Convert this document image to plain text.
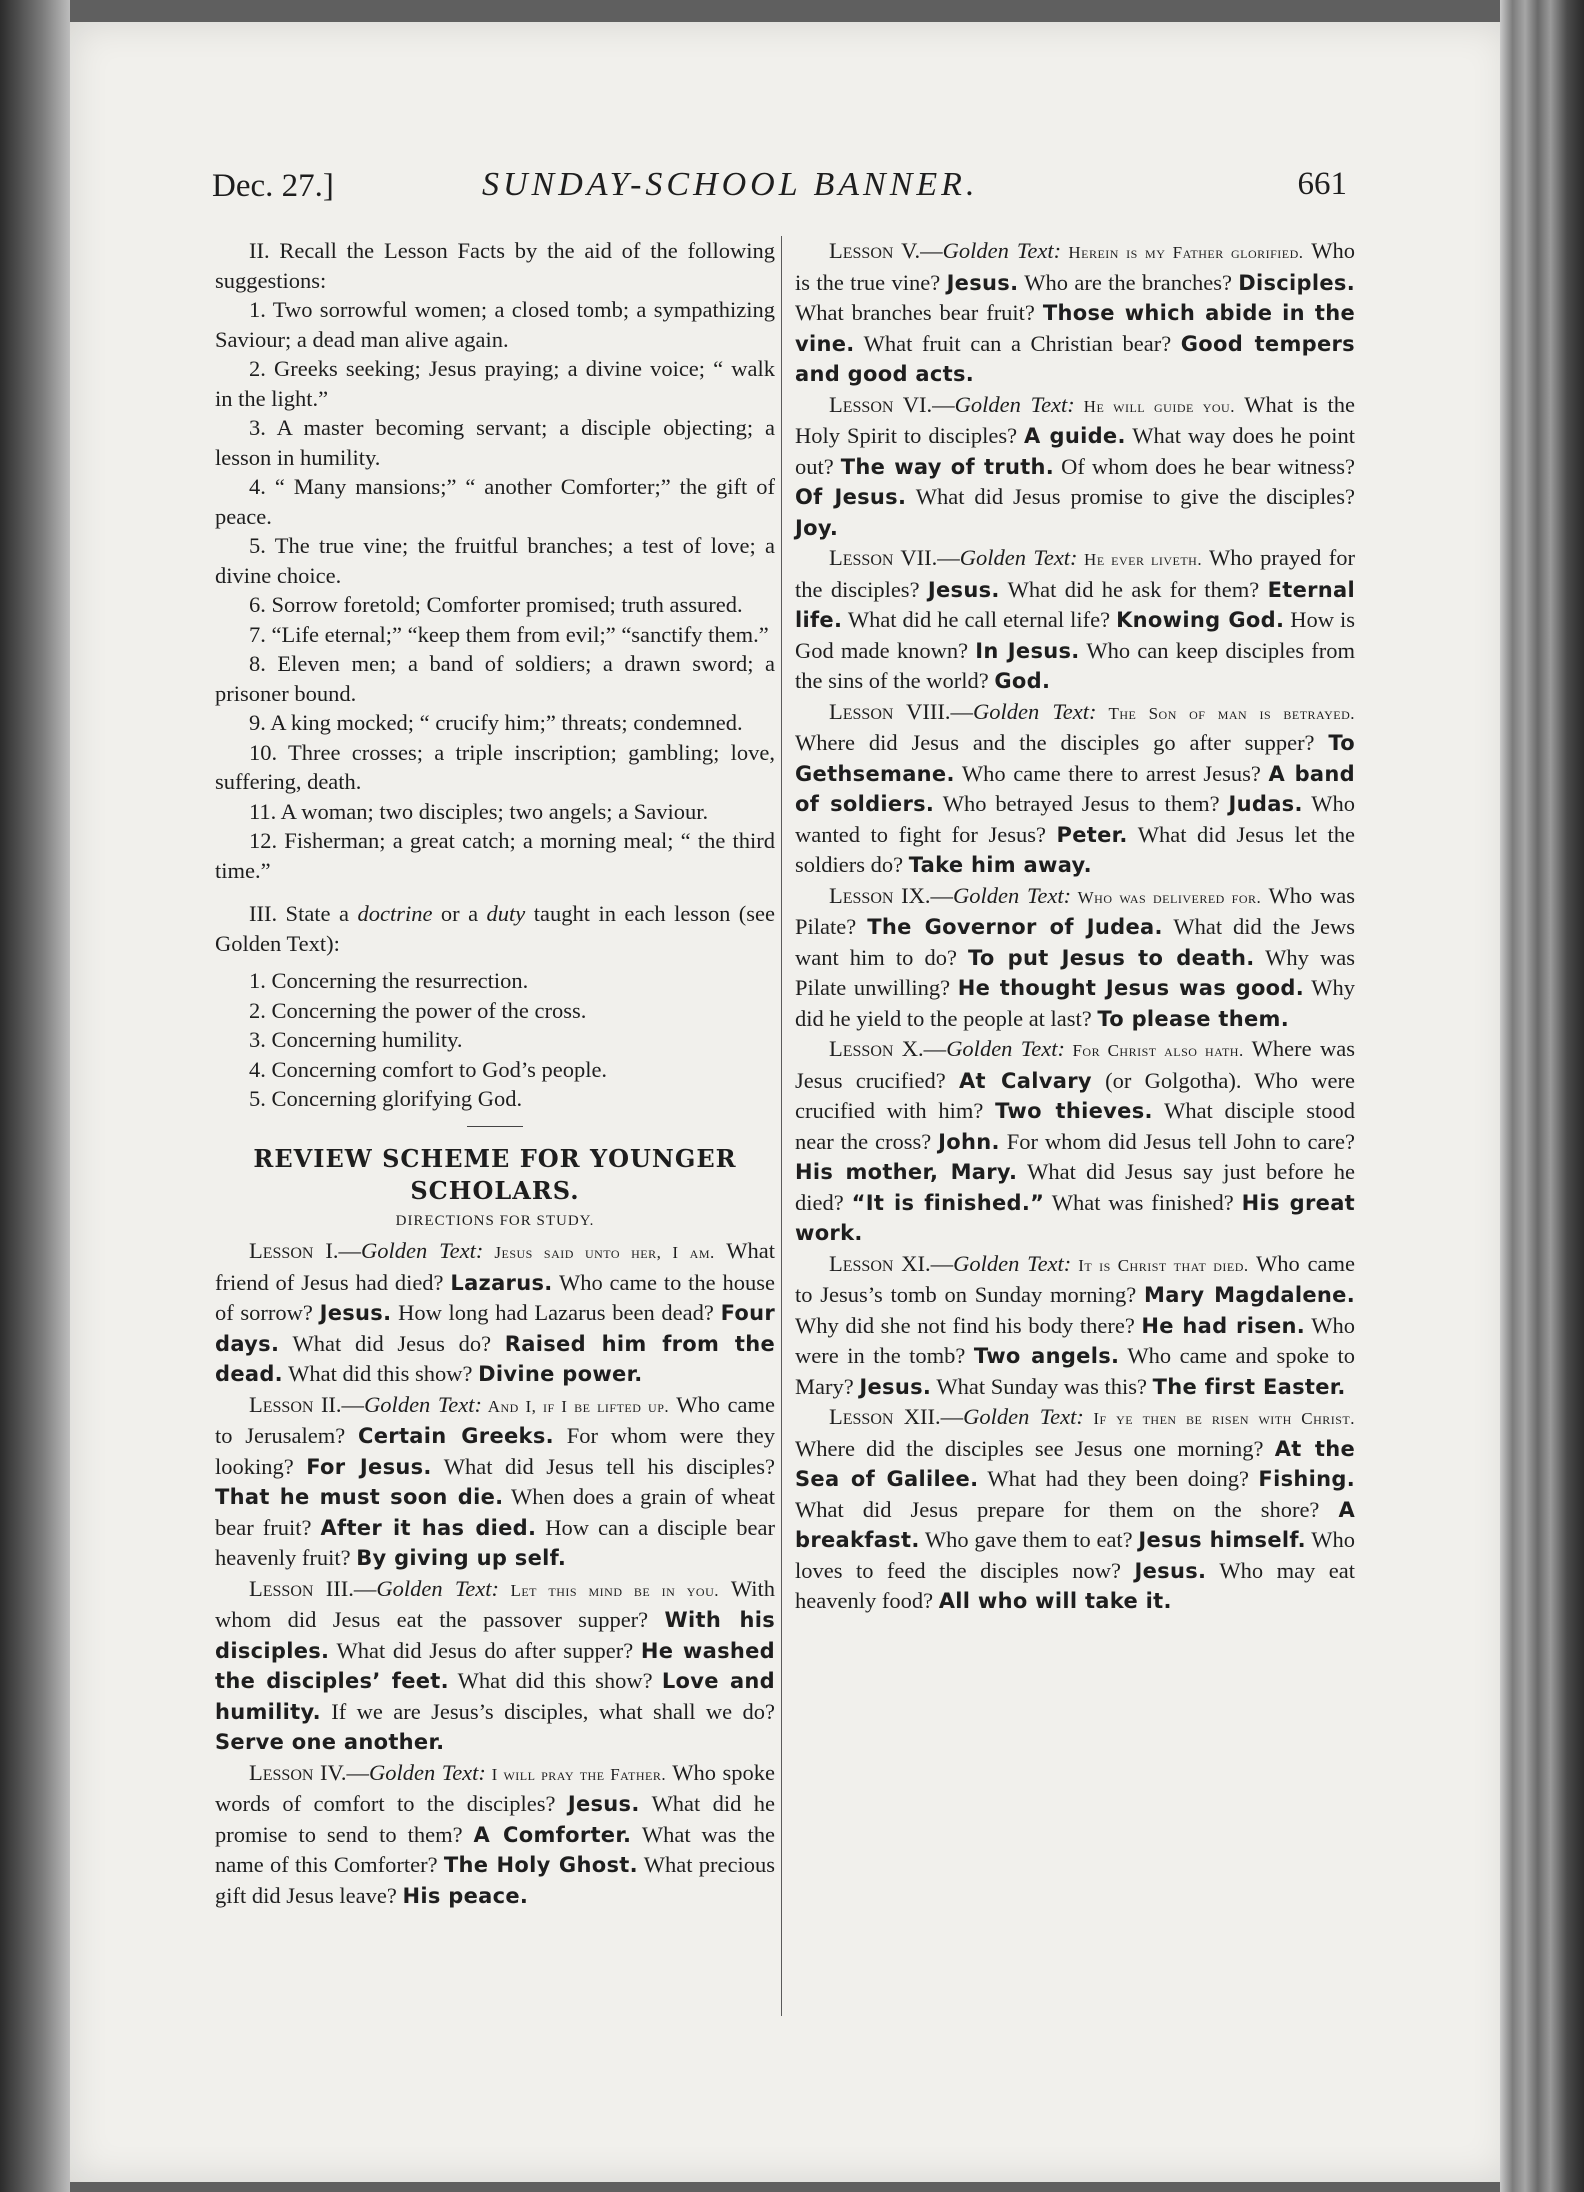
Dec. 27.]	SUNDAY-SCHOOL BANNER.	661

II. Recall the Lesson Facts by the aid of the following suggestions:

1. Two sorrowful women; a closed tomb; a sympathizing Saviour; a dead man alive again.

2. Greeks seeking; Jesus praying; a divine voice; “ walk in the light.”

3. A master becoming servant; a disciple objecting; a lesson in humility.

4. “ Many mansions;” “ another Comforter;” the gift of peace.

5. The true vine; the fruitful branches; a test of love; a divine choice.

6. Sorrow foretold; Comforter promised; truth assured.

7. “Life eternal;” “keep them from evil;” “sanctify them.”

8. Eleven men; a band of soldiers; a drawn sword; a prisoner bound.

9. A king mocked; “ crucify him;” threats; condemned.

10. Three crosses; a triple inscription; gambling; love, suffering, death.

11. A woman; two disciples; two angels; a Saviour.

12. Fisherman; a great catch; a morning meal; “ the third time.”

III. State a doctrine or a duty taught in each lesson (see Golden Text):

1. Concerning the resurrection.

2. Concerning the power of the cross.

3. Concerning humility.

4. Concerning comfort to God’s people.

5. Concerning glorifying God.

REVIEW SCHEME FOR YOUNGER SCHOLARS.

DIRECTIONS FOR STUDY.

Lesson I.—Golden Text: Jesus said unto her, I am. What friend of Jesus had died? Lazarus. Who came to the house of sorrow? Jesus. How long had Lazarus been dead? Four days. What did Jesus do? Raised him from the dead. What did this show? Divine power.

Lesson II.—Golden Text: And I, if I be lifted up. Who came to Jerusalem? Certain Greeks. For whom were they looking? For Jesus. What did Jesus tell his disciples? That he must soon die. When does a grain of wheat bear fruit? After it has died. How can a disciple bear heavenly fruit? By giving up self.

Lesson III.—Golden Text: Let this mind be in you. With whom did Jesus eat the passover supper? With his disciples. What did Jesus do after supper? He washed the disciples’ feet. What did this show? Love and humility. If we are Jesus’s disciples, what shall we do? Serve one another.

Lesson IV.—Golden Text: I will pray the Father. Who spoke words of comfort to the disciples? Jesus. What did he promise to send to them? A Comforter. What was the name of this Comforter? The Holy Ghost. What precious gift did Jesus leave? His peace.

Lesson V.—Golden Text: Herein is my Father glorified. Who is the true vine? Jesus. Who are the branches? Disciples. What branches bear fruit? Those which abide in the vine. What fruit can a Christian bear? Good tempers and good acts.

Lesson VI.—Golden Text: He will guide you. What is the Holy Spirit to disciples? A guide. What way does he point out? The way of truth. Of whom does he bear witness? Of Jesus. What did Jesus promise to give the disciples? Joy.

Lesson VII.—Golden Text: He ever liveth. Who prayed for the disciples? Jesus. What did he ask for them? Eternal life. What did he call eternal life? Knowing God. How is God made known? In Jesus. Who can keep disciples from the sins of the world? God.

Lesson VIII.—Golden Text: The Son of man is betrayed. Where did Jesus and the disciples go after supper? To Gethsemane. Who came there to arrest Jesus? A band of soldiers. Who betrayed Jesus to them? Judas. Who wanted to fight for Jesus? Peter. What did Jesus let the soldiers do? Take him away.

Lesson IX.—Golden Text: Who was delivered for. Who was Pilate? The Governor of Judea. What did the Jews want him to do? To put Jesus to death. Why was Pilate unwilling? He thought Jesus was good. Why did he yield to the people at last? To please them.

Lesson X.—Golden Text: For Christ also hath. Where was Jesus crucified? At Calvary (or Golgotha). Who were crucified with him? Two thieves. What disciple stood near the cross? John. For whom did Jesus tell John to care? His mother, Mary. What did Jesus say just before he died? “It is finished.” What was finished? His great work.

Lesson XI.—Golden Text: It is Christ that died. Who came to Jesus’s tomb on Sunday morning? Mary Magdalene. Why did she not find his body there? He had risen. Who were in the tomb? Two angels. Who came and spoke to Mary? Jesus. What Sunday was this? The first Easter.

Lesson XII.—Golden Text: If ye then be risen with Christ. Where did the disciples see Jesus one morning? At the Sea of Galilee. What had they been doing? Fishing. What did Jesus prepare for them on the shore? A breakfast. Who gave them to eat? Jesus himself. Who loves to feed the disciples now? Jesus. Who may eat heavenly food? All who will take it.
